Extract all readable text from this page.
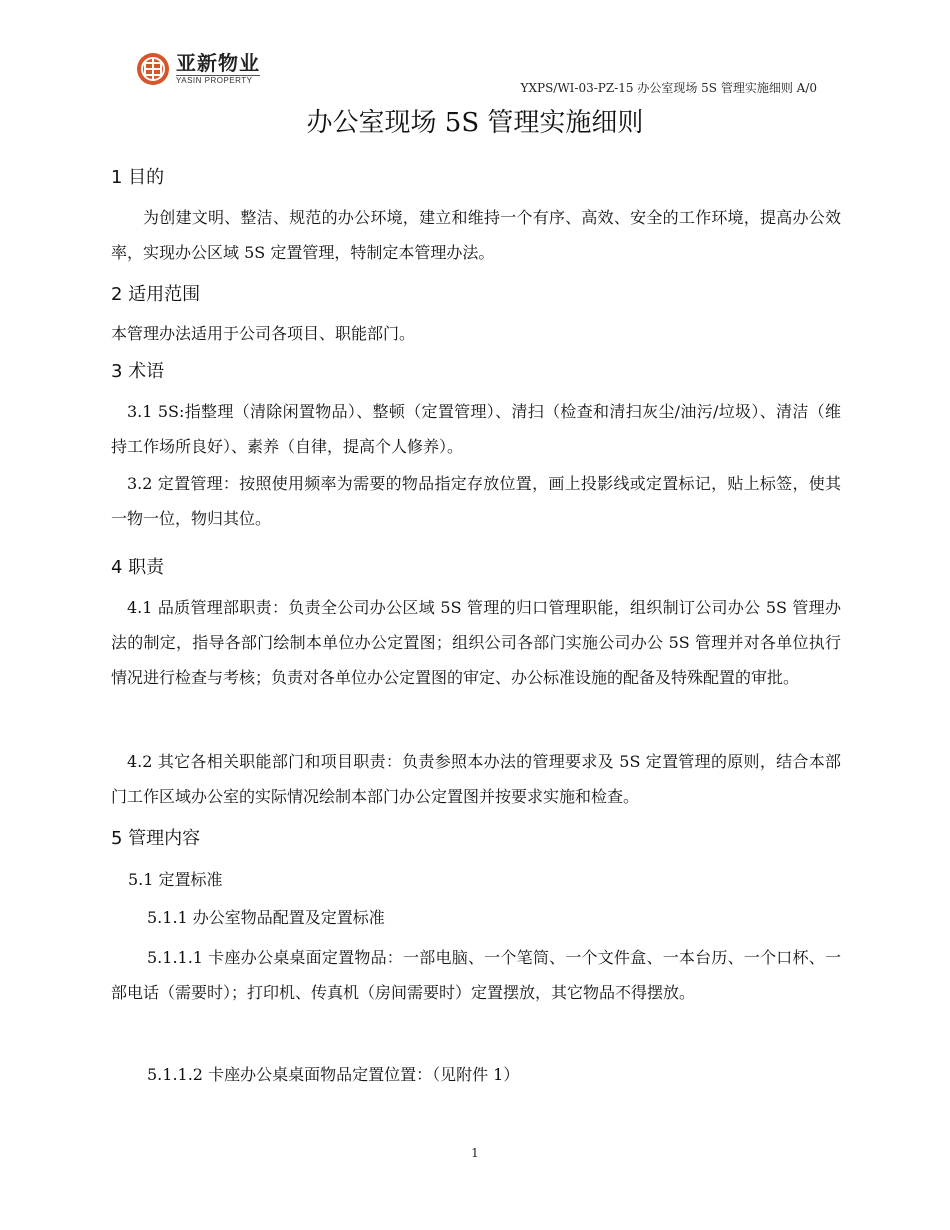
亚新物业
YASIN PROPERTY
YXPS/WI-03-PZ-15 办公室现场 5S 管理实施细则 A/0
办公室现场 5S 管理实施细则
1 目的
为创建文明、整洁、规范的办公环境，建立和维持一个有序、高效、安全的工作环境，提高办公效率，实现办公区域 5S 定置管理，特制定本管理办法。
2 适用范围
本管理办法适用于公司各项目、职能部门。
3 术语
3.1 5S:指整理（清除闲置物品）、整顿（定置管理）、清扫（检查和清扫灰尘/油污/垃圾）、清洁（维持工作场所良好）、素养（自律，提高个人修养）。
3.2 定置管理：按照使用频率为需要的物品指定存放位置，画上投影线或定置标记，贴上标签，使其一物一位，物归其位。
4 职责
4.1 品质管理部职责：负责全公司办公区域 5S 管理的归口管理职能，组织制订公司办公 5S 管理办法的制定，指导各部门绘制本单位办公定置图；组织公司各部门实施公司办公 5S 管理并对各单位执行情况进行检查与考核；负责对各单位办公定置图的审定、办公标准设施的配备及特殊配置的审批。
4.2 其它各相关职能部门和项目职责：负责参照本办法的管理要求及 5S 定置管理的原则，结合本部门工作区域办公室的实际情况绘制本部门办公定置图并按要求实施和检查。
5 管理内容
5.1 定置标准
5.1.1 办公室物品配置及定置标准
5.1.1.1 卡座办公桌桌面定置物品：一部电脑、一个笔筒、一个文件盒、一本台历、一个口杯、一部电话（需要时）；打印机、传真机（房间需要时）定置摆放，其它物品不得摆放。
5.1.1.2 卡座办公桌桌面物品定置位置：（见附件 1）
1
